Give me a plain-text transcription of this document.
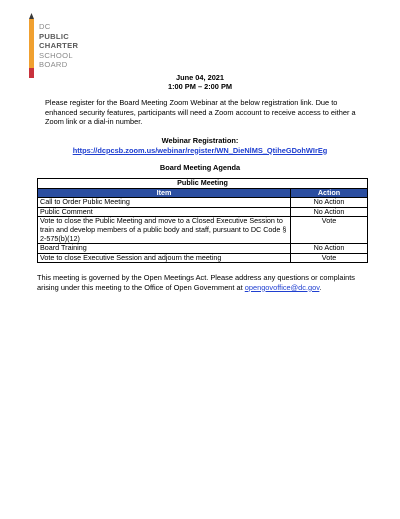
DC
PUBLIC
CHARTER
SCHOOL
BOARD
June 04, 2021
1:00 PM – 2:00 PM
Please register for the Board Meeting Zoom Webinar at the below registration link. Due to enhanced security features, participants will need a Zoom account to receive access to either a Zoom link or a dial-in number.
Webinar Registration:
https://dcpcsb.zoom.us/webinar/register/WN_DieNlMS_QtiheGDohWIrEg
Board Meeting Agenda
Public Meeting	
Item	Action
Call to Order Public Meeting	No Action
Public Comment	No Action
Vote to close the Public Meeting and move to a Closed Executive Session to train and develop members of a public body and staff, pursuant to DC Code § 2-575(b)(12)	Vote
Board Training	No Action
Vote to close Executive Session and adjourn the meeting	Vote
This meeting is governed by the Open Meetings Act. Please address any questions or complaints arising under this meeting to the Office of Open Government at opengovoffice@dc.gov.
